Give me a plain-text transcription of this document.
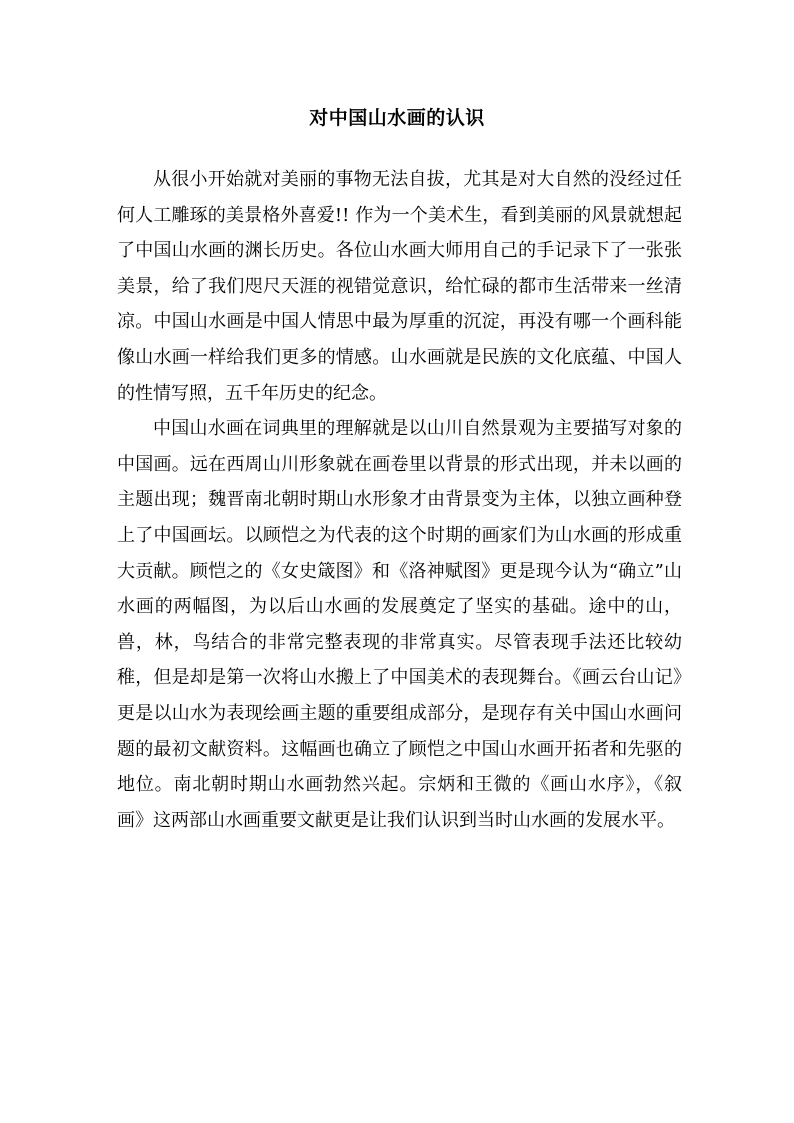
对中国山水画的认识

从很小开始就对美丽的事物无法自拔，尤其是对大自然的没经过任何人工雕琢的美景格外喜爱!! 作为一个美术生，看到美丽的风景就想起了中国山水画的渊长历史。各位山水画大师用自己的手记录下了一张张美景，给了我们咫尺天涯的视错觉意识，给忙碌的都市生活带来一丝清凉。中国山水画是中国人情思中最为厚重的沉淀，再没有哪一个画科能像山水画一样给我们更多的情感。山水画就是民族的文化底蕴、中国人的性情写照，五千年历史的纪念。

中国山水画在词典里的理解就是以山川自然景观为主要描写对象的中国画。远在西周山川形象就在画卷里以背景的形式出现，并未以画的主题出现；魏晋南北朝时期山水形象才由背景变为主体，以独立画种登上了中国画坛。以顾恺之为代表的这个时期的画家们为山水画的形成重大贡献。顾恺之的《女史箴图》和《洛神赋图》更是现今认为“确立”山水画的两幅图，为以后山水画的发展奠定了坚实的基础。途中的山，兽，林，鸟结合的非常完整表现的非常真实。尽管表现手法还比较幼稚，但是却是第一次将山水搬上了中国美术的表现舞台。《画云台山记》更是以山水为表现绘画主题的重要组成部分，是现存有关中国山水画问题的最初文献资料。这幅画也确立了顾恺之中国山水画开拓者和先驱的地位。南北朝时期山水画勃然兴起。宗炳和王微的《画山水序》，《叙画》这两部山水画重要文献更是让我们认识到当时山水画的发展水平。
